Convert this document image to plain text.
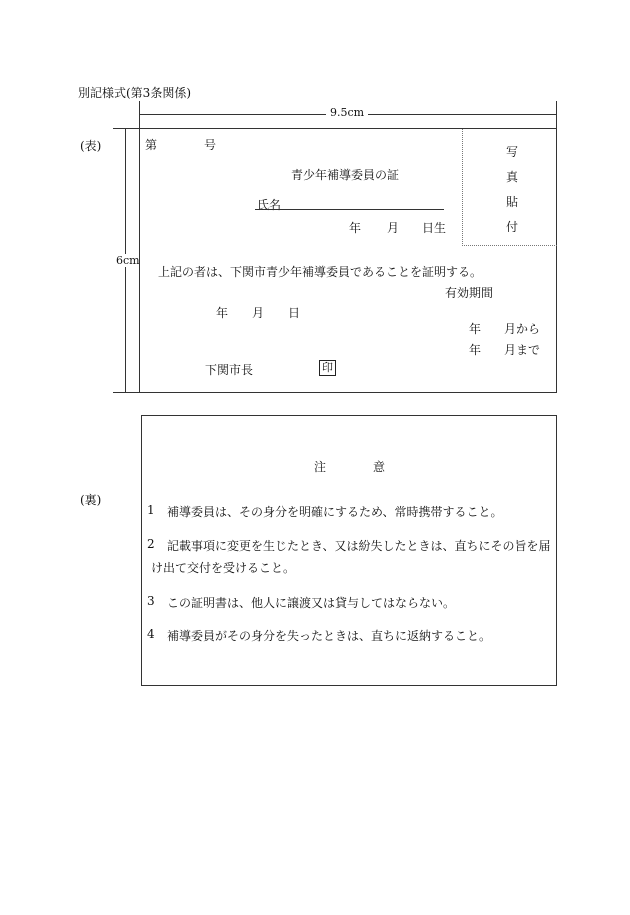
別記様式(第3条関係)
9.5cm
6cm
(表)	第	号	写
真
貼
付
青少年補導委員の証
氏名
年 月 日生
上記の者は、下関市青少年補導委員であることを証明する。
有効期間
年 月 日
年 月から
年 月まで
下関市長	印
(裏)
注	意
1 補導委員は、その身分を明確にするため、常時携帯すること。
2 記載事項に変更を生じたとき、又は紛失したときは、直ちにその旨を届
け出て交付を受けること。
3 この証明書は、他人に譲渡又は貸与してはならない。
4 補導委員がその身分を失ったときは、直ちに返納すること。
